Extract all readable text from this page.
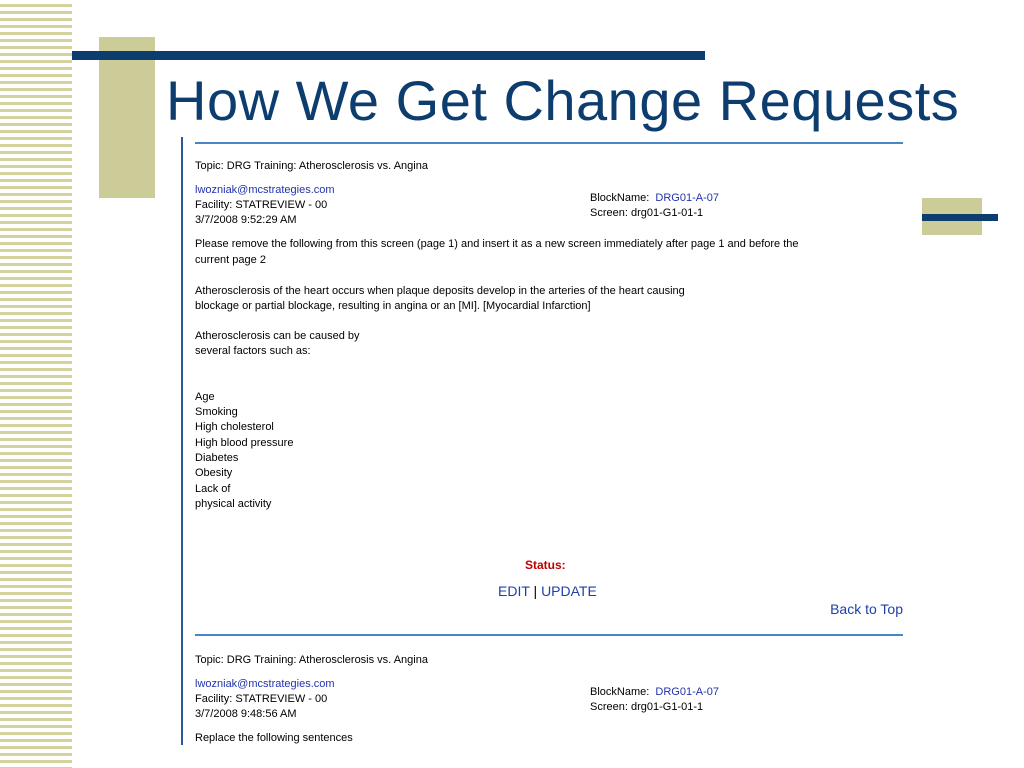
How We Get Change Requests
Topic: DRG Training: Atherosclerosis vs. Angina
lwozniak@mcstrategies.com
Facility: STATREVIEW - 00
3/7/2008 9:52:29 AM
BlockName: DRG01-A-07
Screen: drg01-G1-01-1
Please remove the following from this screen (page 1) and insert it as a new screen immediately after page 1 and before the
current page 2
Atherosclerosis of the heart occurs when plaque deposits develop in the arteries of the heart causing
blockage or partial blockage, resulting in angina or an [MI]. [Myocardial Infarction]
Atherosclerosis can be caused by
several factors such as:
Age
Smoking
High cholesterol
High blood pressure
Diabetes
Obesity
Lack of
physical activity
Status:
EDIT | UPDATE
Back to Top
Topic: DRG Training: Atherosclerosis vs. Angina
lwozniak@mcstrategies.com
Facility: STATREVIEW - 00
3/7/2008 9:48:56 AM
BlockName: DRG01-A-07
Screen: drg01-G1-01-1
Replace the following sentences
